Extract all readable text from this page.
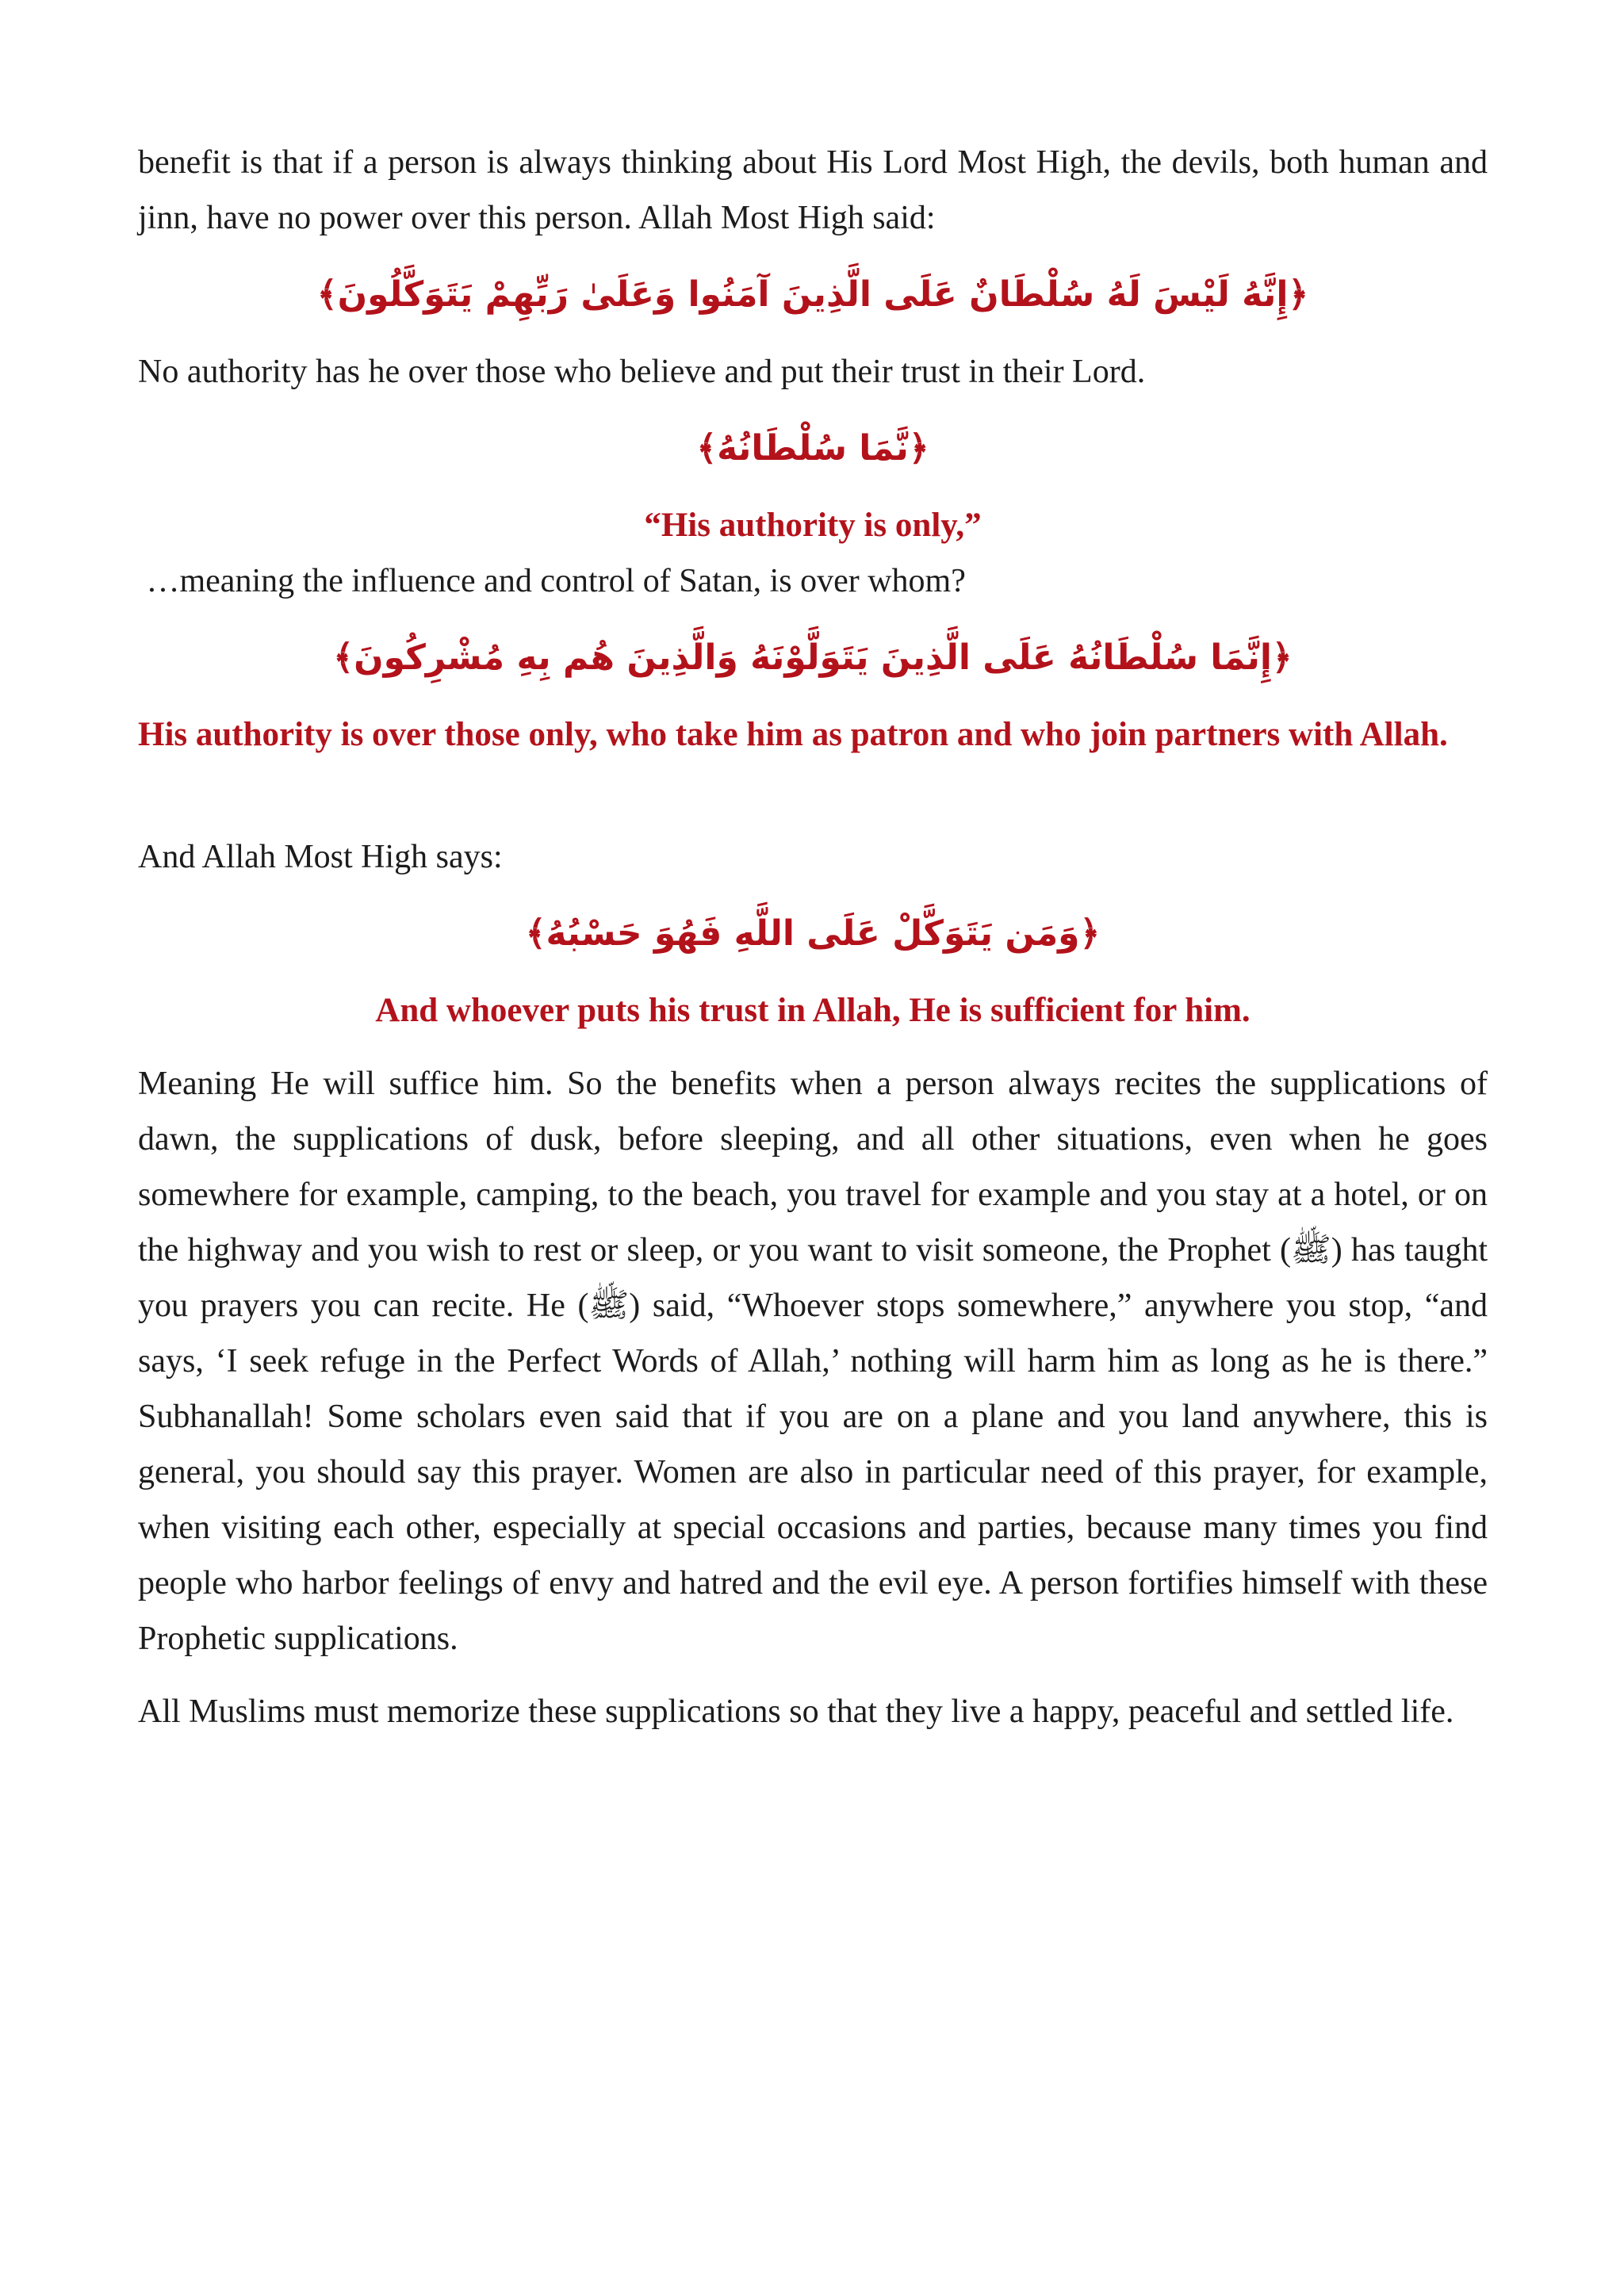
benefit is that if a person is always thinking about His Lord Most High, the devils, both human and jinn, have no power over this person. Allah Most High said:

﴿إِنَّهُ لَيْسَ لَهُ سُلْطَانٌ عَلَى الَّذِينَ آمَنُوا وَعَلَىٰ رَبِّهِمْ يَتَوَكَّلُونَ﴾

No authority has he over those who believe and put their trust in their Lord.

﴿نَّمَا سُلْطَانُهُ﴾

“His authority is only,”

…meaning the influence and control of Satan, is over whom?

﴿إِنَّمَا سُلْطَانُهُ عَلَى الَّذِينَ يَتَوَلَّوْنَهُ وَالَّذِينَ هُم بِهِ مُشْرِكُونَ﴾

His authority is over those only, who take him as patron and who join partners with Allah.

And Allah Most High says:

﴿وَمَن يَتَوَكَّلْ عَلَى اللَّهِ فَهُوَ حَسْبُهُ﴾

And whoever puts his trust in Allah, He is sufficient for him.

Meaning He will suffice him. So the benefits when a person always recites the supplications of dawn, the supplications of dusk, before sleeping, and all other situations, even when he goes somewhere for example, camping, to the beach, you travel for example and you stay at a hotel, or on the highway and you wish to rest or sleep, or you want to visit someone, the Prophet (ﷺ) has taught you prayers you can recite. He (ﷺ) said, “Whoever stops somewhere,” anywhere you stop, “and says, ‘I seek refuge in the Perfect Words of Allah,’ nothing will harm him as long as he is there.” Subhanallah! Some scholars even said that if you are on a plane and you land anywhere, this is general, you should say this prayer. Women are also in particular need of this prayer, for example, when visiting each other, especially at special occasions and parties, because many times you find people who harbor feelings of envy and hatred and the evil eye. A person fortifies himself with these Prophetic supplications.

All Muslims must memorize these supplications so that they live a happy, peaceful and settled life.
